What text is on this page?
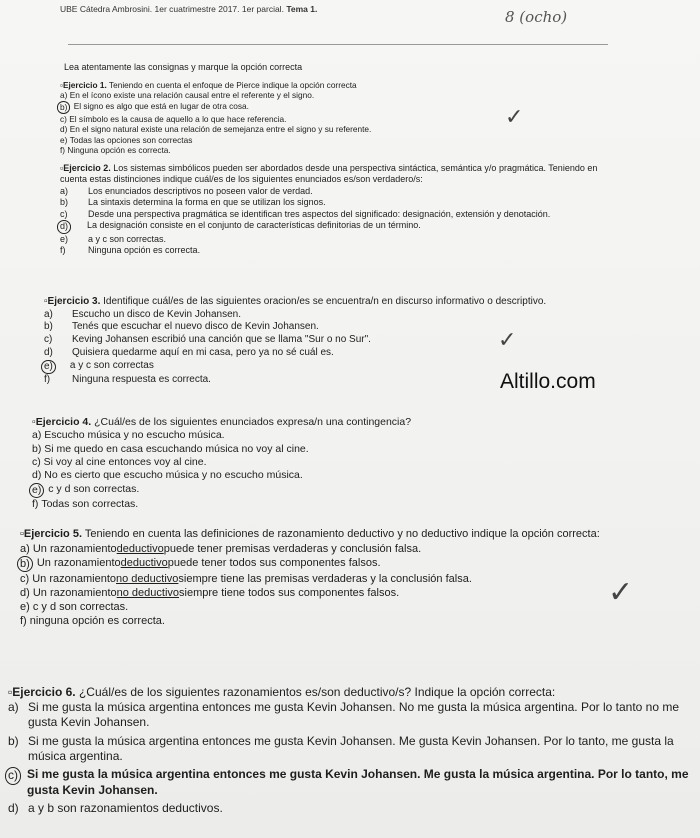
UBE Cátedra Ambrosini. 1er cuatrimestre 2017. 1er parcial. Tema 1.	8 (ocho)
Lea atentamente las consignas y marque la opción correcta
▫Ejercicio 1. Teniendo en cuenta el enfoque de Pierce indique la opción correcta
a)
En el ícono existe una relación causal entre el referente y el signo.
b)
El signo es algo que está en lugar de otra cosa.
c)
El símbolo es la causa de aquello a lo que hace referencia.
d)
En el signo natural existe una relación de semejanza entre el signo y su referente.
e)
Todas las opciones son correctas
f)
Ninguna opción es correcta.
✓
▫Ejercicio 2. Los sistemas simbólicos pueden ser abordados desde una perspectiva sintáctica, semántica y/o pragmática. Teniendo en cuenta estas distinciones indique cuál/es de los siguientes enunciados es/son verdadero/s:
a)	Los enunciados descriptivos no poseen valor de verdad.
b)	La sintaxis determina la forma en que se utilizan los signos.
c)	Desde una perspectiva pragmática se identifican tres aspectos del significado: designación, extensión y denotación.
d)	La designación consiste en el conjunto de características definitorias de un término.
e)	a y c son correctas.
f)	Ninguna opción es correcta.
▫Ejercicio 3. Identifique cuál/es de las siguientes oracion/es se encuentra/n en discurso informativo o descriptivo.
a)	Escucho un disco de Kevin Johansen.
b)	Tenés que escuchar el nuevo disco de Kevin Johansen.
c)	Keving Johansen escribió una canción que se llama "Sur o no Sur".
d)	Quisiera quedarme aquí en mi casa, pero ya no sé cuál es.
e)	a y c son correctas
f)	Ninguna respuesta es correcta.
✓
Altillo.com
▫Ejercicio 4. ¿Cuál/es de los siguientes enunciados expresa/n una contingencia?
a)
Escucho música y no escucho música.
b)
Si me quedo en casa escuchando música no voy al cine.
c)
Si voy al cine entonces voy al cine.
d)
No es cierto que escucho música y no escucho música.
e)
c y d son correctas.
f)
Todas son correctas.
▫Ejercicio 5. Teniendo en cuenta las definiciones de razonamiento deductivo y no deductivo indique la opción correcta:
a)
Un razonamiento deductivo puede tener premisas verdaderas y conclusión falsa.
b)
Un razonamiento deductivo puede tener todos sus componentes falsos.
c)
Un razonamiento no deductivo siempre tiene las premisas verdaderas y la conclusión falsa.
d)
Un razonamiento no deductivo siempre tiene todos sus componentes falsos.
e)
c y d son correctas.
f)
ninguna opción es correcta.
✓
▫Ejercicio 6. ¿Cuál/es de los siguientes razonamientos es/son deductivo/s? Indique la opción correcta:
a) Si me gusta la música argentina entonces me gusta Kevin Johansen. No me gusta la música argentina. Por lo tanto no me gusta Kevin Johansen.
b) Si me gusta la música argentina entonces me gusta Kevin Johansen. Me gusta Kevin Johansen. Por lo tanto, me gusta la música argentina.
c) Si me gusta la música argentina entonces me gusta Kevin Johansen. Me gusta la música argentina. Por lo tanto, me gusta Kevin Johansen.
d) a y b son razonamientos deductivos.
